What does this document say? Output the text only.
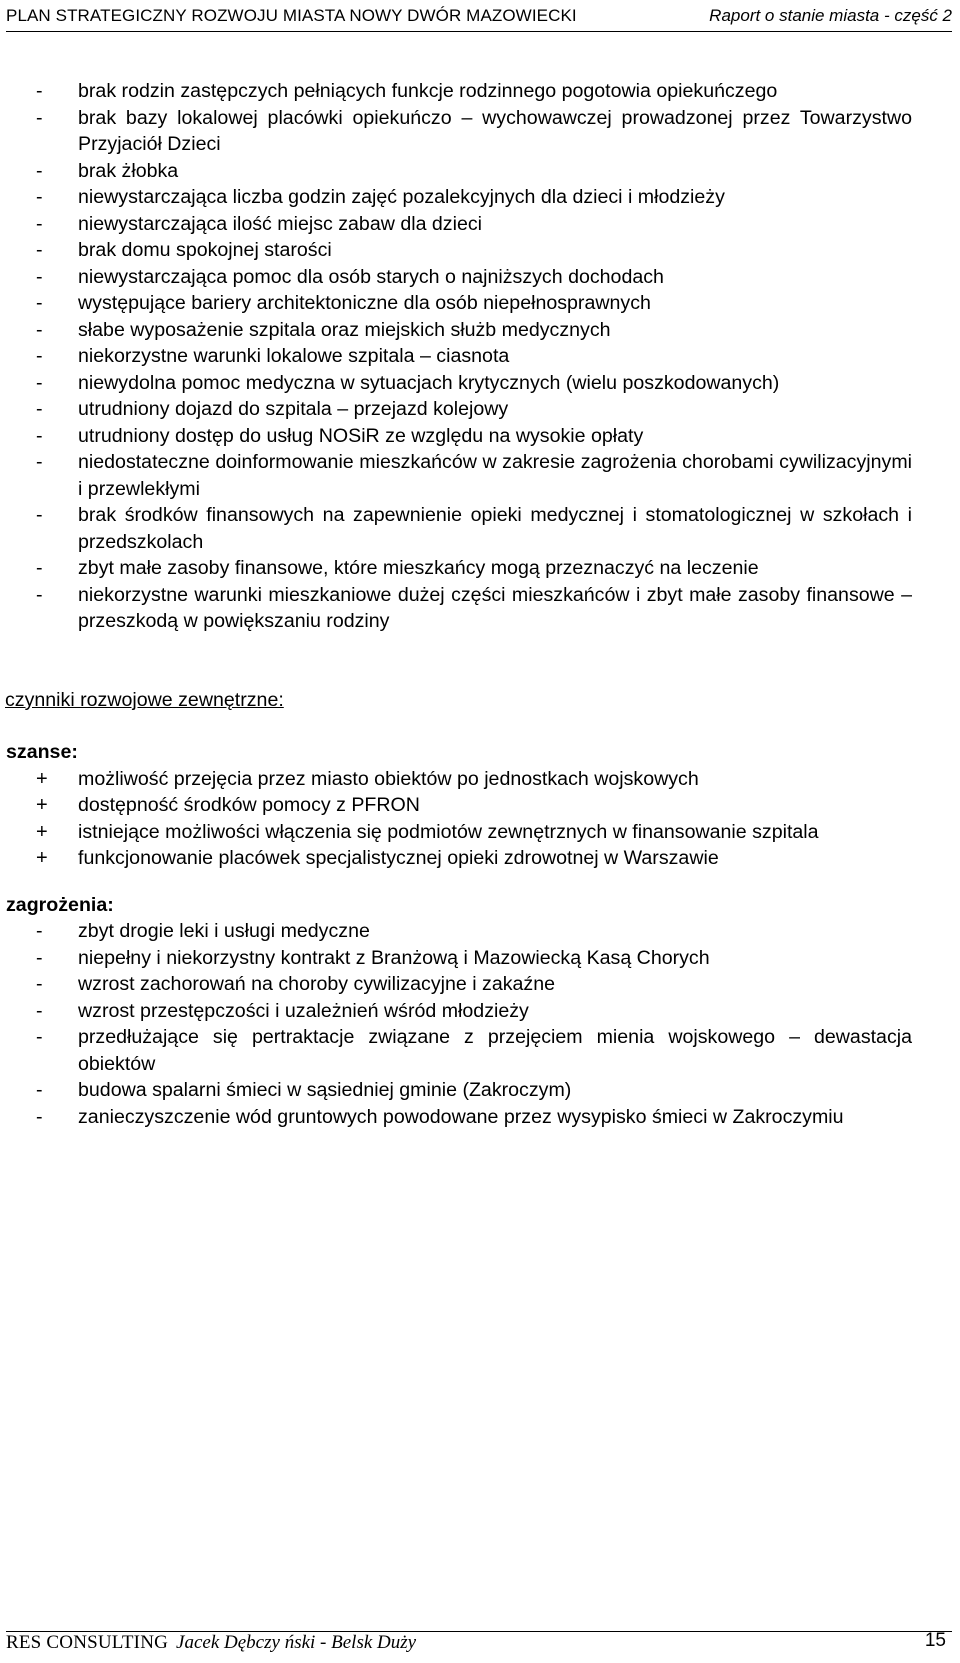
PLAN STRATEGICZNY ROZWOJU MIASTA NOWY DWÓR MAZOWIECKI	Raport o stanie miasta - część 2
-	brak rodzin zastępczych pełniących funkcje rodzinnego pogotowia opiekuńczego
-	brak bazy lokalowej placówki opiekuńczo – wychowawczej prowadzonej przez Towarzystwo Przyjaciół Dzieci
-	brak żłobka
-	niewystarczająca liczba godzin zajęć pozalekcyjnych dla dzieci i młodzieży
-	niewystarczająca ilość miejsc zabaw dla dzieci
-	brak domu spokojnej starości
-	niewystarczająca pomoc dla osób starych o najniższych dochodach
-	występujące bariery architektoniczne dla osób niepełnosprawnych
-	słabe wyposażenie szpitala oraz miejskich służb medycznych
-	niekorzystne warunki lokalowe szpitala – ciasnota
-	niewydolna pomoc medyczna w sytuacjach krytycznych (wielu poszkodowanych)
-	utrudniony dojazd do szpitala – przejazd kolejowy
-	utrudniony dostęp do usług NOSiR ze względu na wysokie opłaty
-	niedostateczne doinformowanie mieszkańców w zakresie zagrożenia chorobami cywilizacyjnymi i przewlekłymi
-	brak środków finansowych na zapewnienie opieki medycznej i stomatologicznej w szkołach i przedszkolach
-	zbyt małe zasoby finansowe, które mieszkańcy mogą przeznaczyć na leczenie
-	niekorzystne warunki mieszkaniowe dużej części mieszkańców i zbyt małe zasoby finansowe – przeszkodą w powiększaniu rodziny
czynniki rozwojowe zewnętrzne:
szanse:
+	możliwość przejęcia przez miasto obiektów po jednostkach wojskowych
+	dostępność środków pomocy z PFRON
+	istniejące możliwości włączenia się podmiotów zewnętrznych w finansowanie szpitala
+	funkcjonowanie placówek specjalistycznej opieki zdrowotnej w Warszawie
zagrożenia:
-	zbyt drogie leki i usługi medyczne
-	niepełny i niekorzystny kontrakt z Branżową i Mazowiecką Kasą Chorych
-	wzrost zachorowań na choroby cywilizacyjne i zakaźne
-	wzrost przestępczości i uzależnień wśród młodzieży
-	przedłużające się pertraktacje związane z przejęciem mienia wojskowego – dewastacja obiektów
-	budowa spalarni śmieci w sąsiedniej gminie (Zakroczym)
-	zanieczyszczenie wód gruntowych powodowane przez wysypisko śmieci w Zakroczymiu
RES CONSULTING Jacek Dębczy ński - Belsk Duży	15
